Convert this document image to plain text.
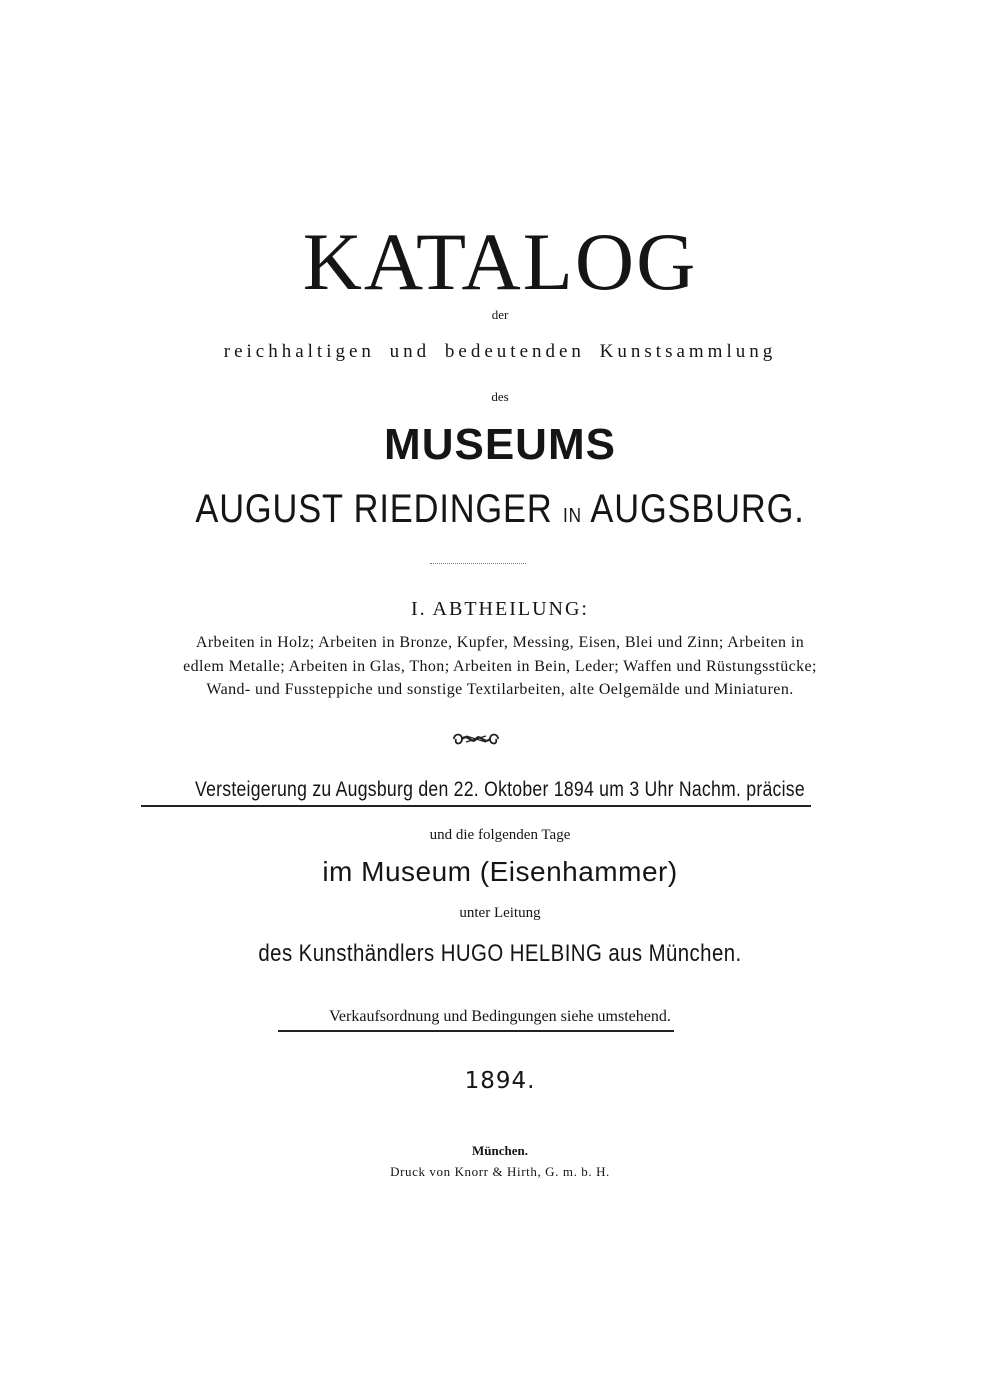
KATALOG
der
reichhaltigen und bedeutenden Kunstsammlung
des
MUSEUMS
AUGUST RIEDINGER IN AUGSBURG.
I. ABTHEILUNG:
Arbeiten in Holz; Arbeiten in Bronze, Kupfer, Messing, Eisen, Blei und Zinn; Arbeiten in
edlem Metalle; Arbeiten in Glas, Thon; Arbeiten in Bein, Leder; Waffen und Rüstungsstücke;
Wand- und Fussteppiche und sonstige Textilarbeiten, alte Oelgemälde und Miniaturen.
Versteigerung zu Augsburg den 22. Oktober 1894 um 3 Uhr Nachm. präcise
und die folgenden Tage
im Museum (Eisenhammer)
unter Leitung
des Kunsthändlers HUGO HELBING aus München.
Verkaufsordnung und Bedingungen siehe umstehend.
1894.
München.
Druck von Knorr & Hirth, G. m. b. H.
